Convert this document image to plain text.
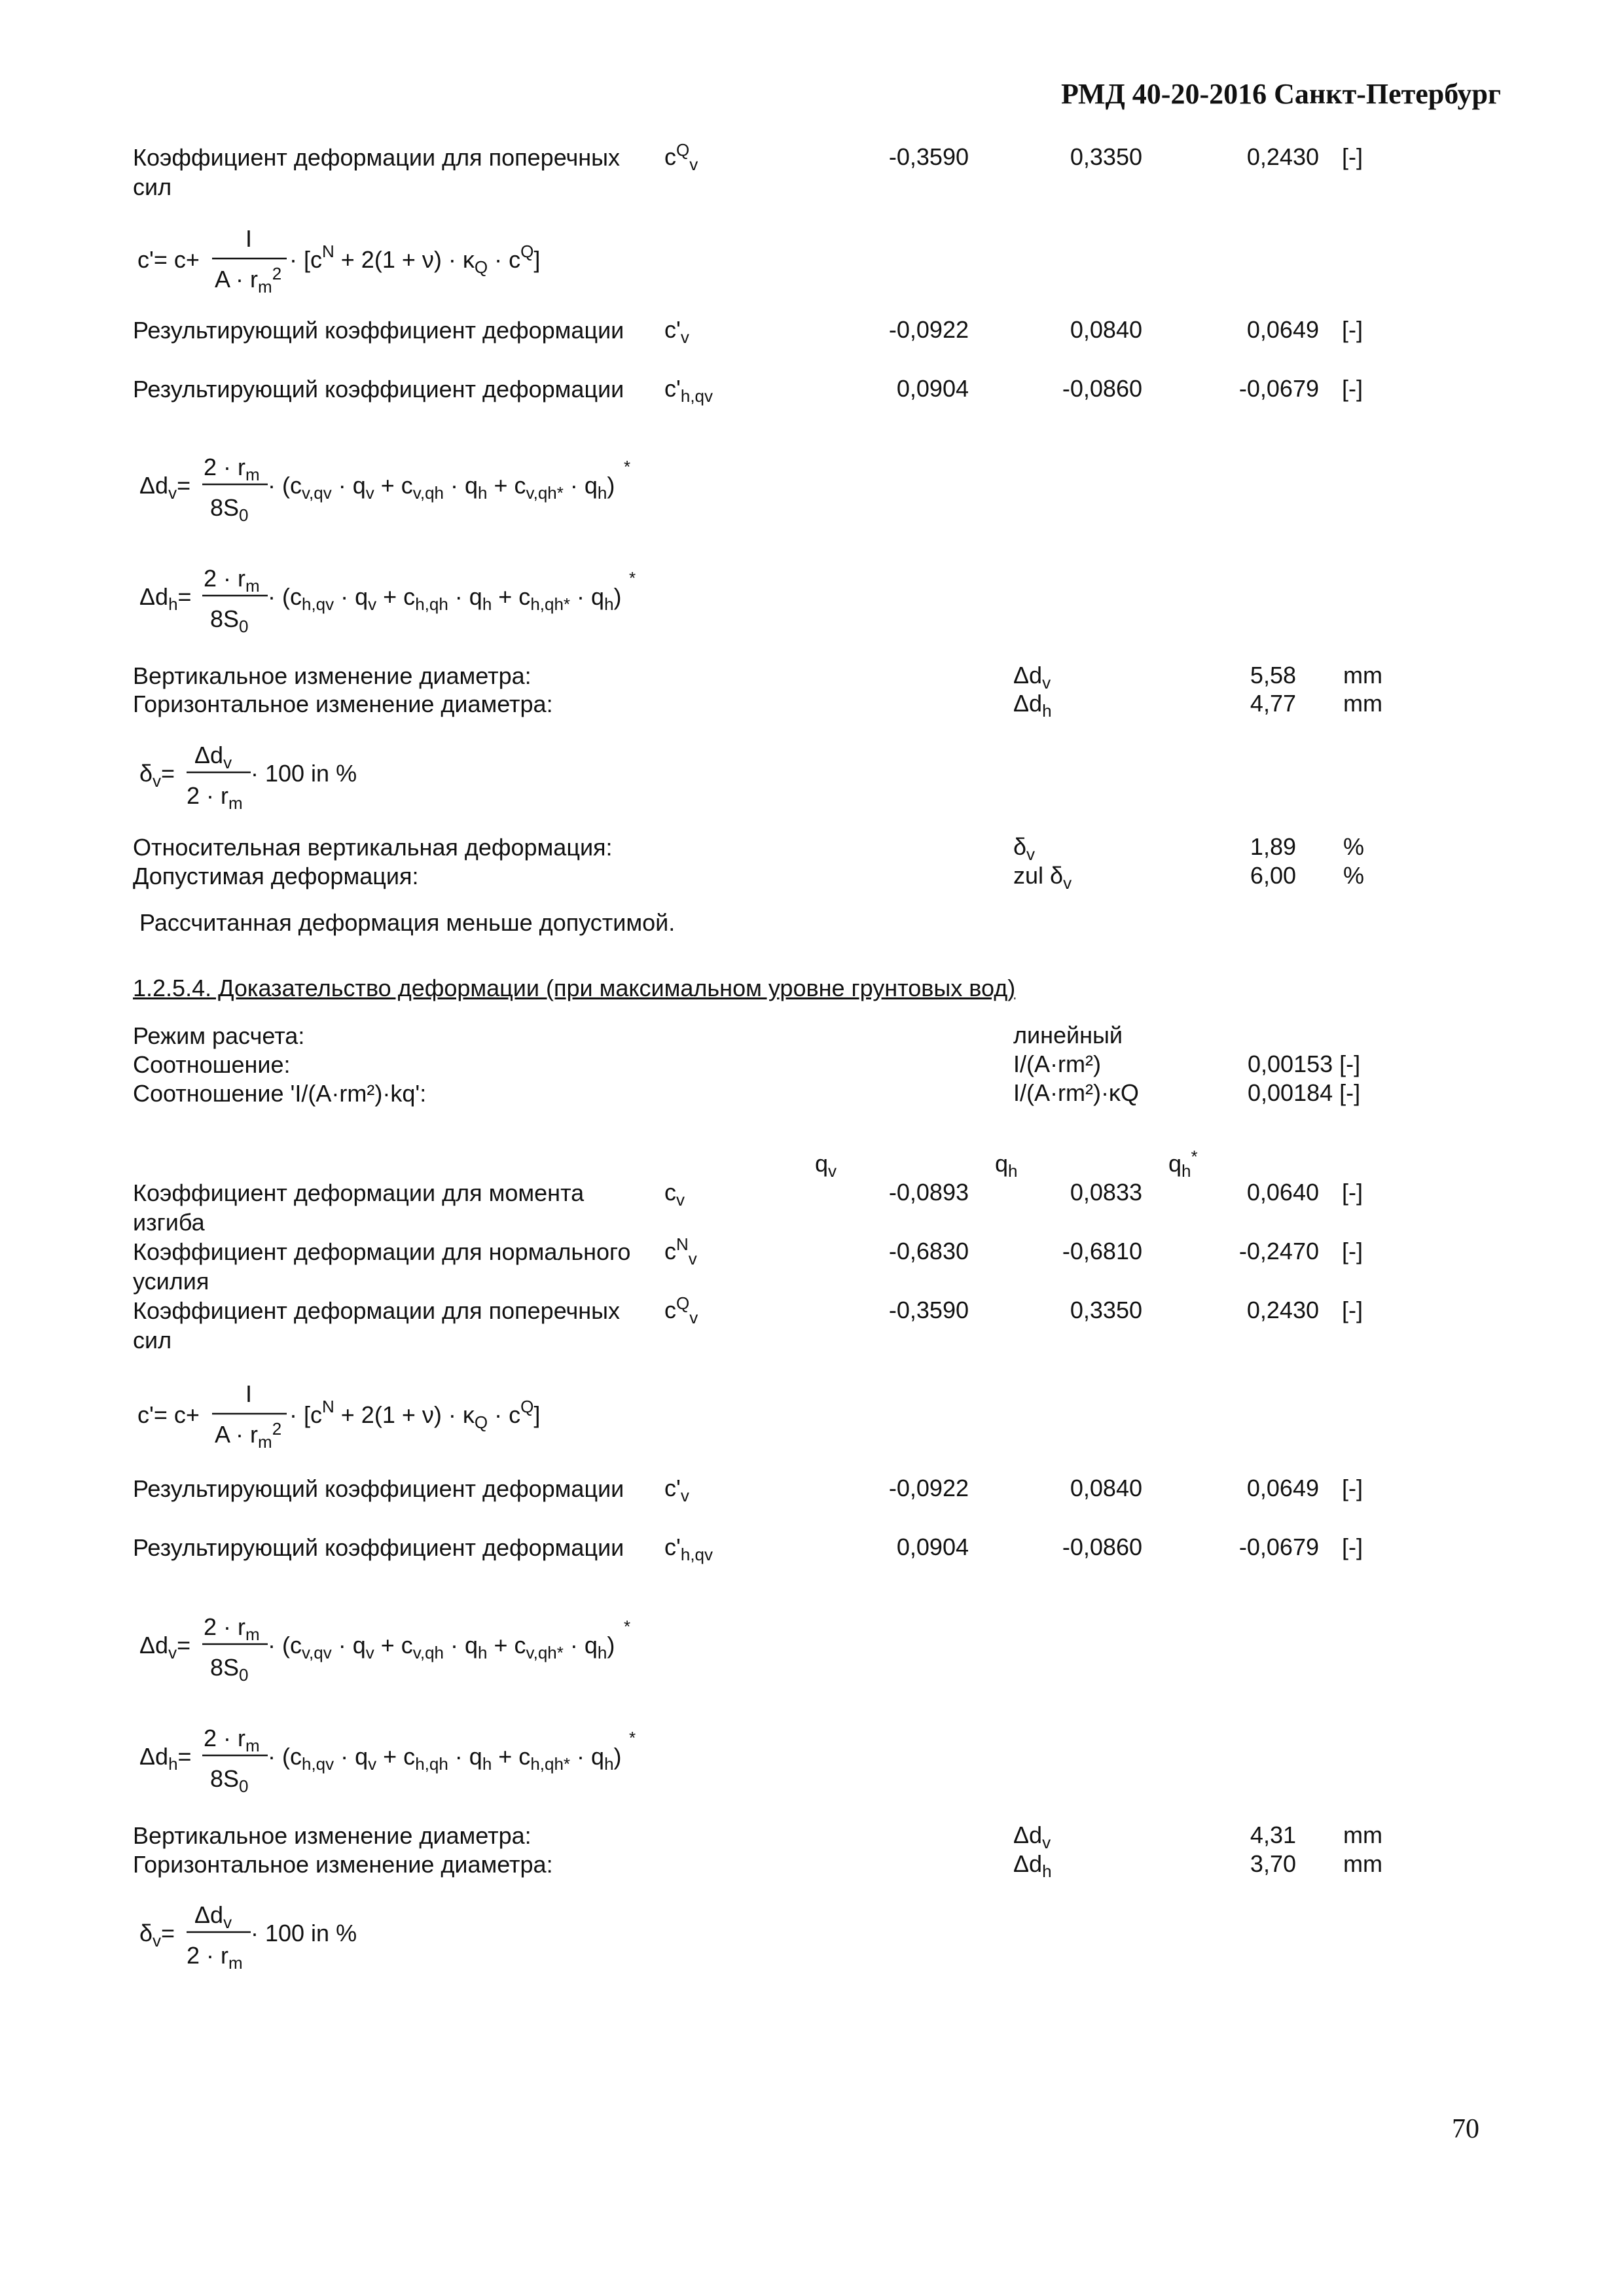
РМД 40-20-2016 Санкт-Петербург
Коэффициент деформации для поперечных сил
$c^Q_v$	-0,3590	0,3350	0,2430 [-]
c'= c+
I
$A \cdot r_m^2$
· $[c^N + 2(1 + \nu) \cdot \kappa_Q \cdot c^Q]$
Результирующий коэффициент деформации	$c'_v$	-0,0922	0,0840	0,0649 [-]
Результирующий коэффициент деформации	$c'_{h,qv}$	0,0904	-0,0860	-0,0679 [-]
$\Delta d_v=$
$2 \cdot r_m$
$8S_0$
· $(c_{v,qv} \cdot q_v + c_{v,qh} \cdot q_h + c_{v,qh*} \cdot q_h)$
*
$\Delta d_h=$
$2 \cdot r_m$
$8S_0$
· $(c_{h,qv} \cdot q_v + c_{h,qh} \cdot q_h + c_{h,qh*} \cdot q_h)$
*
Вертикальное изменение диаметра:	$\Delta d_v$	5,58 mm
Горизонтальное изменение диаметра:	$\Delta d_h$	4,77 mm
$\delta_v=$
$\Delta d_v$
$2 \cdot r_m$
· 100 in %
Относительная вертикальная деформация:	$\delta_v$	1,89 %
Допустимая деформация:	zul $\delta_v$	6,00 %
Рассчитанная деформация меньше допустимой.
1.2.5.4. Доказательство деформации (при максимальном уровне грунтовых вод)
Режим расчета:	линейный
Соотношение:	I/(A·rm²)	0,00153 [-]
Соотношение 'I/(A·rm²)·kq':	I/(A·rm²)·κQ	0,00184 [-]
$q_v$	$q_h$	$q_h^*$
Коэффициент деформации для момента изгиба
$c_v$	-0,0893	0,0833	0,0640 [-]
Коэффициент деформации для нормального усилия
$c^N_v$	-0,6830	-0,6810	-0,2470 [-]
Коэффициент деформации для поперечных сил
$c^Q_v$	-0,3590	0,3350	0,2430 [-]
c'= c+
I
$A \cdot r_m^2$
· $[c^N + 2(1 + \nu) \cdot \kappa_Q \cdot c^Q]$
Результирующий коэффициент деформации	$c'_v$	-0,0922	0,0840	0,0649 [-]
Результирующий коэффициент деформации	$c'_{h,qv}$	0,0904	-0,0860	-0,0679 [-]
$\Delta d_v=$
$2 \cdot r_m$
$8S_0$
· $(c_{v,qv} \cdot q_v + c_{v,qh} \cdot q_h + c_{v,qh*} \cdot q_h)$
*
$\Delta d_h=$
$2 \cdot r_m$
$8S_0$
· $(c_{h,qv} \cdot q_v + c_{h,qh} \cdot q_h + c_{h,qh*} \cdot q_h)$
*
Вертикальное изменение диаметра:	$\Delta d_v$	4,31 mm
Горизонтальное изменение диаметра:	$\Delta d_h$	3,70 mm
$\delta_v=$
$\Delta d_v$
$2 \cdot r_m$
· 100 in %
70
